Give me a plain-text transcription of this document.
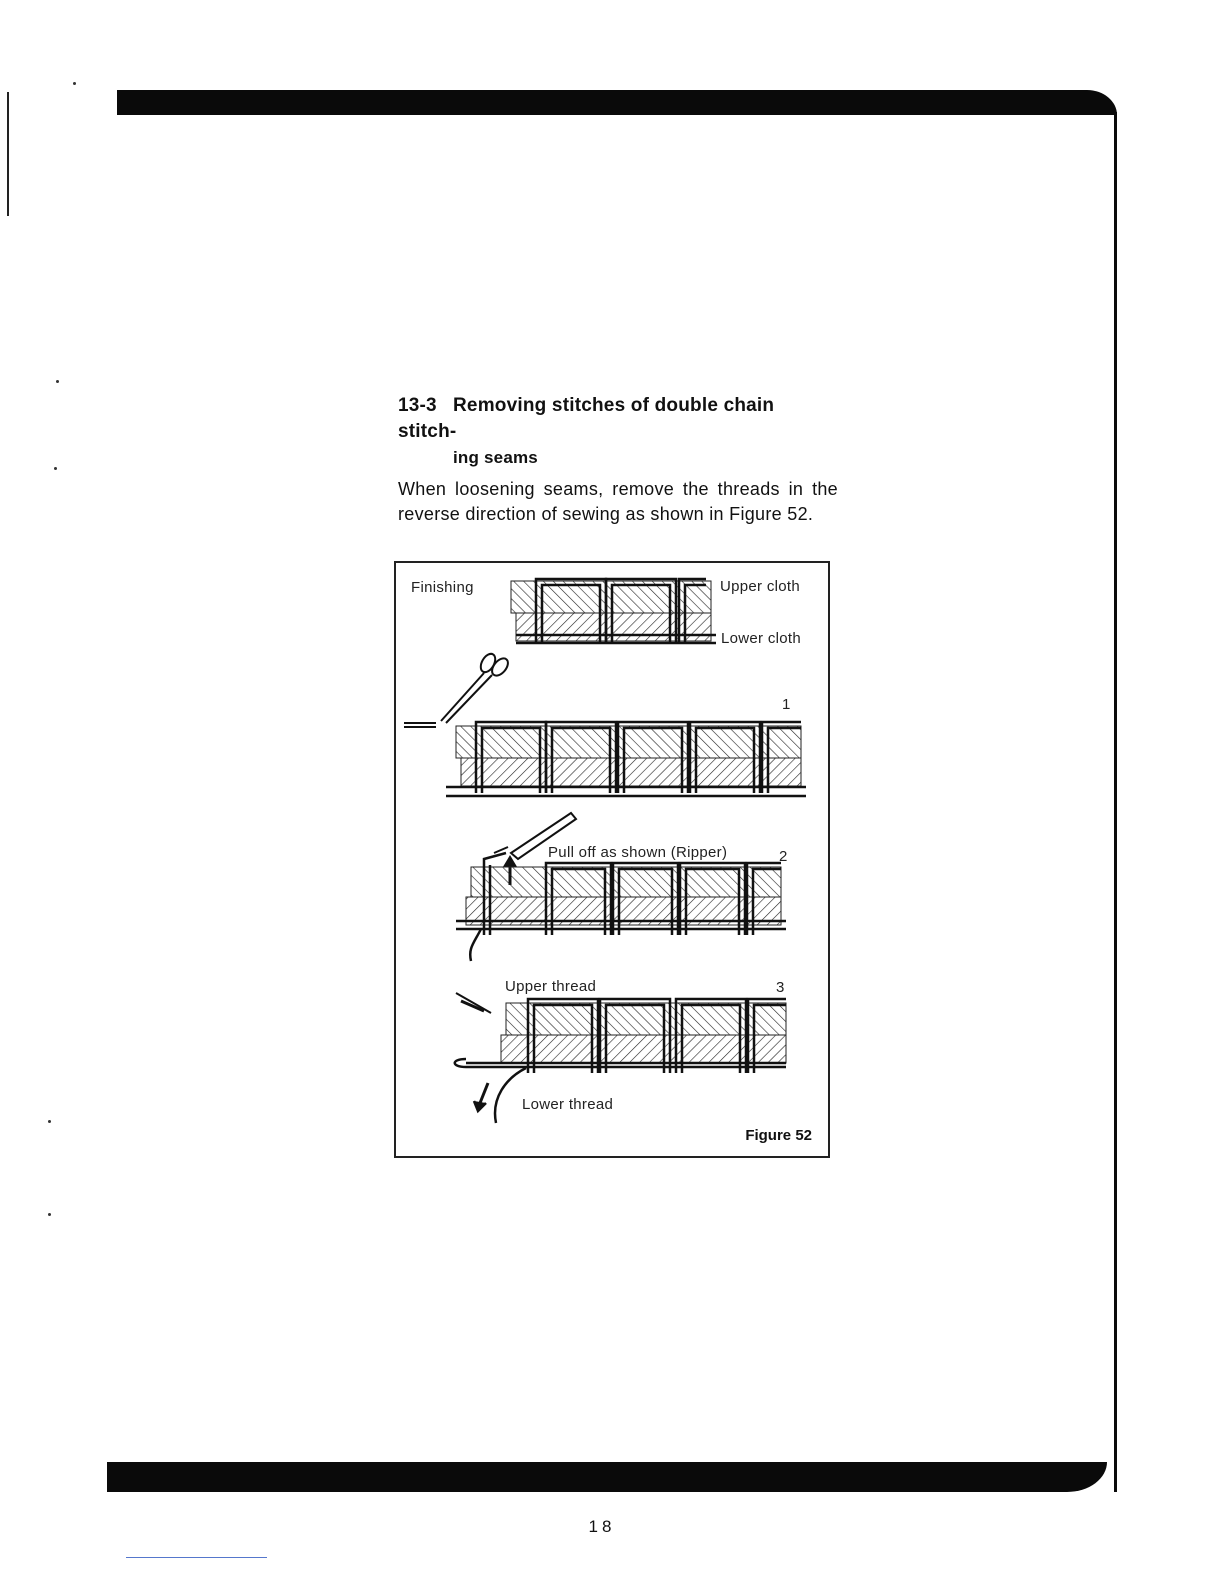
13-3 Removing stitches of double chain stitch-
ing seams

When loosening seams, remove the threads in the reverse direction of sewing as shown in Figure 52.

Finishing	Upper cloth
Lower cloth
1
Pull off as shown (Ripper)	2
Upper thread	3
Lower thread
Figure 52
18
